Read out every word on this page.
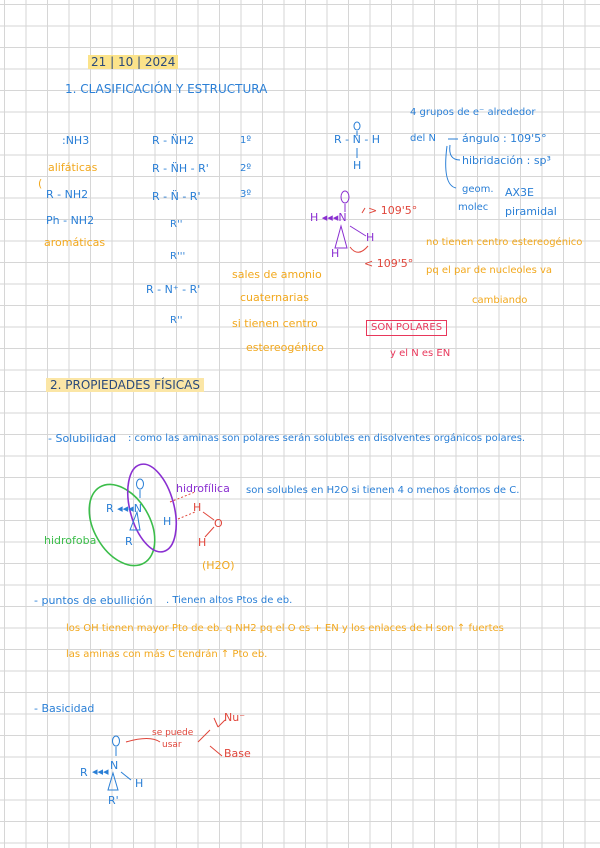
21 | 10 | 2024
1. CLASIFICACIÓN Y ESTRUCTURA
:NH3	R - N̈H2
R - N̈H - R'
R - N̈ - R'
R''
1º
2º
3º
alifáticas
(
R - NH2
Ph - NH2
aromáticas
R'''
R - N⁺ - R'
R''
sales de amonio
cuaternarias
si tienen centro
estereogénico
R - N - H
H
4 grupos de e⁻ alrededor
del N ángulo : 109'5°
hibridación : sp³
geom.
molec
AX3E
piramidal
H ◂◂◂N
H
H
> 109'5°
< 109'5°
no tienen centro estereogénico
pq el par de nucleoles va
cambiando
SON POLARES
y el N es EN
2. PROPIEDADES FÍSICAS
- Solubilidad : como las aminas son polares serán solubles en disolventes orgánicos polares.
hidrofílica
hidrofoba
son solubles en H2O si tienen 4 o menos átomos de C.
R ◂◂◂N
H
R
H
O
H
(H2O)
- puntos de ebullición . Tienen altos Ptos de eb.
los OH tienen mayor Pto de eb. q NH2 pq el O es + EN y los enlaces de H son ↑ fuertes
las aminas con más C tendrán ↑ Pto eb.
- Basicidad
se puede
usar
Nu⁻
Base
R ◂◂◂ N
H
R'
